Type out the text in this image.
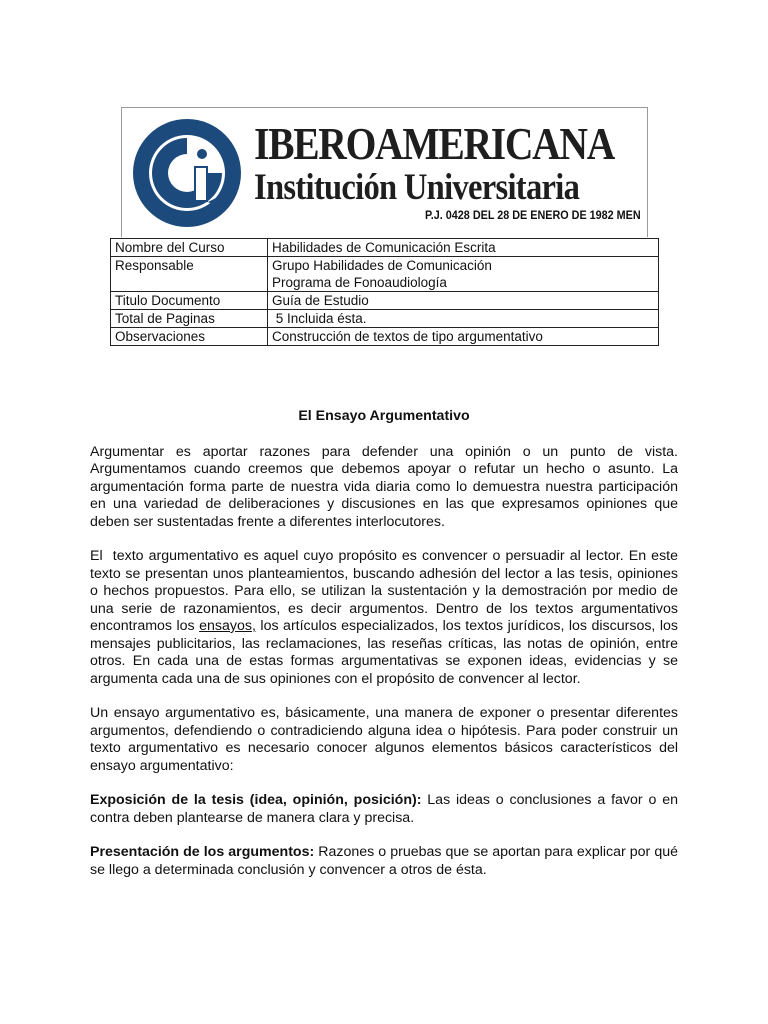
IBEROAMERICANA
Institución Universitaria
P.J. 0428 DEL 28 DE ENERO DE 1982 MEN
Nombre del Curso	Habilidades de Comunicación Escrita
Responsable	Grupo Habilidades de Comunicación
Programa de Fonoaudiología

Titulo Documento	Guía de Estudio
Total de Paginas	5 Incluida ésta.
Observaciones	Construcción de textos de tipo argumentativo
El Ensayo Argumentativo

Argumentar es aportar razones para defender una opinión o un punto de vista. Argumentamos cuando creemos que debemos apoyar o refutar un hecho o asunto. La argumentación forma parte de nuestra vida diaria como lo demuestra nuestra participación en una variedad de deliberaciones y discusiones en las que expresamos opiniones que deben ser sustentadas frente a diferentes interlocutores.

El  texto argumentativo es aquel cuyo propósito es convencer o persuadir al lector. En este texto se presentan unos planteamientos, buscando adhesión del lector a las tesis, opiniones o hechos propuestos. Para ello, se utilizan la sustentación y la demostración por medio de una serie de razonamientos, es decir argumentos. Dentro de los textos argumentativos encontramos los ensayos, los artículos especializados, los textos jurídicos, los discursos, los mensajes publicitarios, las reclamaciones, las reseñas críticas, las notas de opinión, entre otros. En cada una de estas formas argumentativas se exponen ideas, evidencias y se  argumenta cada una de sus opiniones con el propósito de convencer al lector.

Un ensayo argumentativo es, básicamente, una manera de exponer o presentar diferentes argumentos, defendiendo o contradiciendo alguna idea o hipótesis. Para poder construir un texto argumentativo es necesario conocer algunos elementos básicos característicos del ensayo argumentativo:

Exposición de la tesis (idea, opinión, posición): Las ideas o conclusiones a favor o en contra deben plantearse de manera clara y precisa.

Presentación de los argumentos: Razones o pruebas que se aportan para explicar por qué se llego a determinada conclusión y convencer a otros de ésta.
